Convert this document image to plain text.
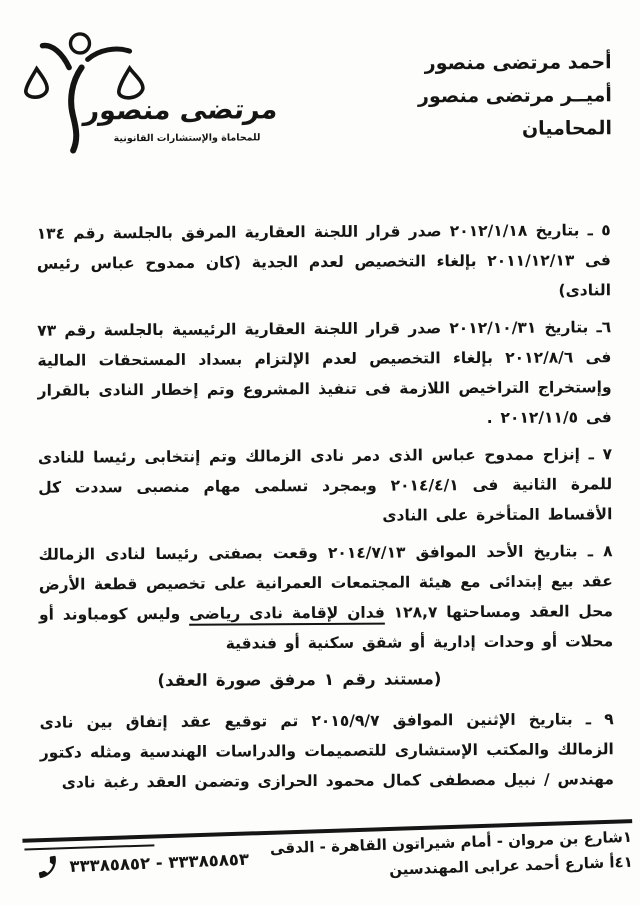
مرتضى منصور
للمحاماة والإستشارات القانونية
أحمد مرتضى منصور
أميــر مرتضى منصور
المحاميان

٥ ـ بتاريخ ٢٠١٢/١/١٨ صدر قرار اللجنة العقارية المرفق بالجلسة رقم ١٣٤ فى ٢٠١١/١٢/١٣ بإلغاء التخصيص لعدم الجدية (كان ممدوح عباس رئيس النادى)

٦ـ بتاريخ ٢٠١٢/١٠/٣١ صدر قرار اللجنة العقارية الرئيسية بالجلسة رقم ٧٣ فى ٢٠١٢/٨/٦ بإلغاء التخصيص لعدم الإلتزام بسداد المستحقات المالية وإستخراج التراخيص اللازمة فى تنفيذ المشروع وتم إخطار النادى بالقرار فى ٢٠١٢/١١/٥ .

٧ ـ إنزاح ممدوح عباس الذى دمر نادى الزمالك وتم إنتخابى رئيسا للنادى للمرة الثانية فى ٢٠١٤/٤/١ وبمجرد تسلمى مهام منصبى سددت كل الأقساط المتأخرة على النادى

٨ ـ بتاريخ الأحد الموافق ٢٠١٤/٧/١٣ وقعت بصفتى رئيسا لنادى الزمالك عقد بيع إبتدائى مع هيئة المجتمعات العمرانية على تخصيص قطعة الأرض محل العقد ومساحتها ١٢٨,٧ فدان لإقامة نادى رياضى وليس كومباوند أو محلات أو وحدات إدارية أو شقق سكنية أو فندقية

(مستند رقم ١ مرفق صورة العقد)

٩ ـ بتاريخ الإثنين الموافق ٢٠١٥/٩/٧ تم توقيع عقد إتفاق بين نادى الزمالك والمكتب الإستشارى للتصميمات والدراسات الهندسية ومثله دكتور مهندس / نبيل مصطفى كمال محمود الحرازى وتضمن العقد رغبة نادى

١شارع بن مروان - أمام شيراتون القاهرة - الدقى
٤١أ شارع أحمد عرابى المهندسين
٣٣٣٨٥٨٥٣ - ٣٣٣٨٥٨٥٢
